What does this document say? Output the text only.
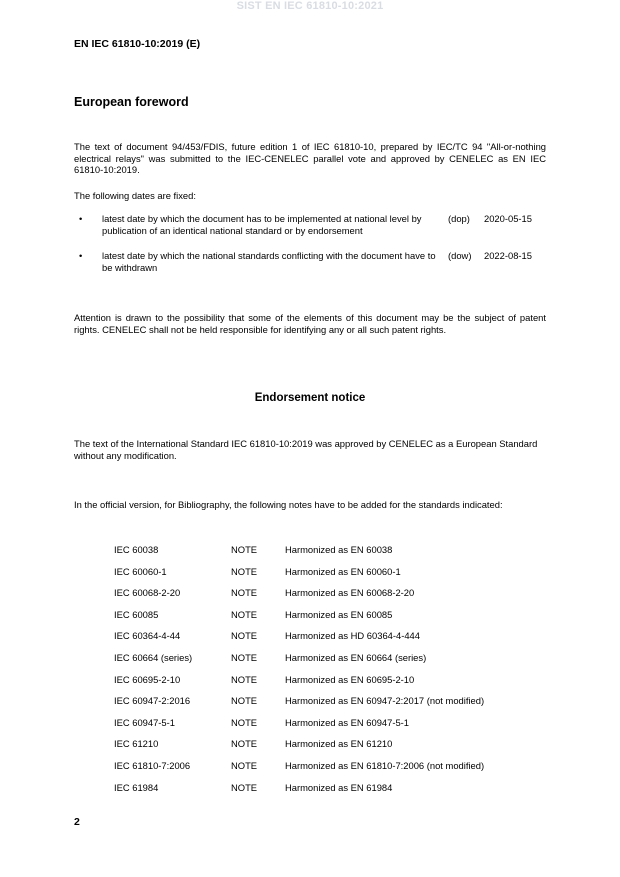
SIST EN IEC 61810-10:2021
EN IEC 61810-10:2019 (E)
European foreword
The text of document 94/453/FDIS, future edition 1 of IEC 61810-10, prepared by IEC/TC 94 "All-or-nothing electrical relays" was submitted to the IEC-CENELEC parallel vote and approved by CENELEC as EN IEC 61810-10:2019.
The following dates are fixed:
• latest date by which the document has to be implemented at national level by publication of an identical national standard or by endorsement
(dop) 2020-05-15
• latest date by which the national standards conflicting with the document have to be withdrawn
(dow) 2022-08-15
Attention is drawn to the possibility that some of the elements of this document may be the subject of patent rights. CENELEC shall not be held responsible for identifying any or all such patent rights.
Endorsement notice
The text of the International Standard IEC 61810-10:2019 was approved by CENELEC as a European Standard without any modification.
In the official version, for Bibliography, the following notes have to be added for the standards indicated:
IEC 60038	NOTE	Harmonized as EN 60038
IEC 60060-1	NOTE	Harmonized as EN 60060-1
IEC 60068-2-20	NOTE	Harmonized as EN 60068-2-20
IEC 60085	NOTE	Harmonized as EN 60085
IEC 60364-4-44	NOTE	Harmonized as HD 60364-4-444
IEC 60664 (series)	NOTE	Harmonized as EN 60664 (series)
IEC 60695-2-10	NOTE	Harmonized as EN 60695-2-10
IEC 60947-2:2016	NOTE	Harmonized as EN 60947-2:2017 (not modified)
IEC 60947-5-1	NOTE	Harmonized as EN 60947-5-1
IEC 61210	NOTE	Harmonized as EN 61210
IEC 61810-7:2006	NOTE	Harmonized as EN 61810-7:2006 (not modified)
IEC 61984	NOTE	Harmonized as EN 61984
2
